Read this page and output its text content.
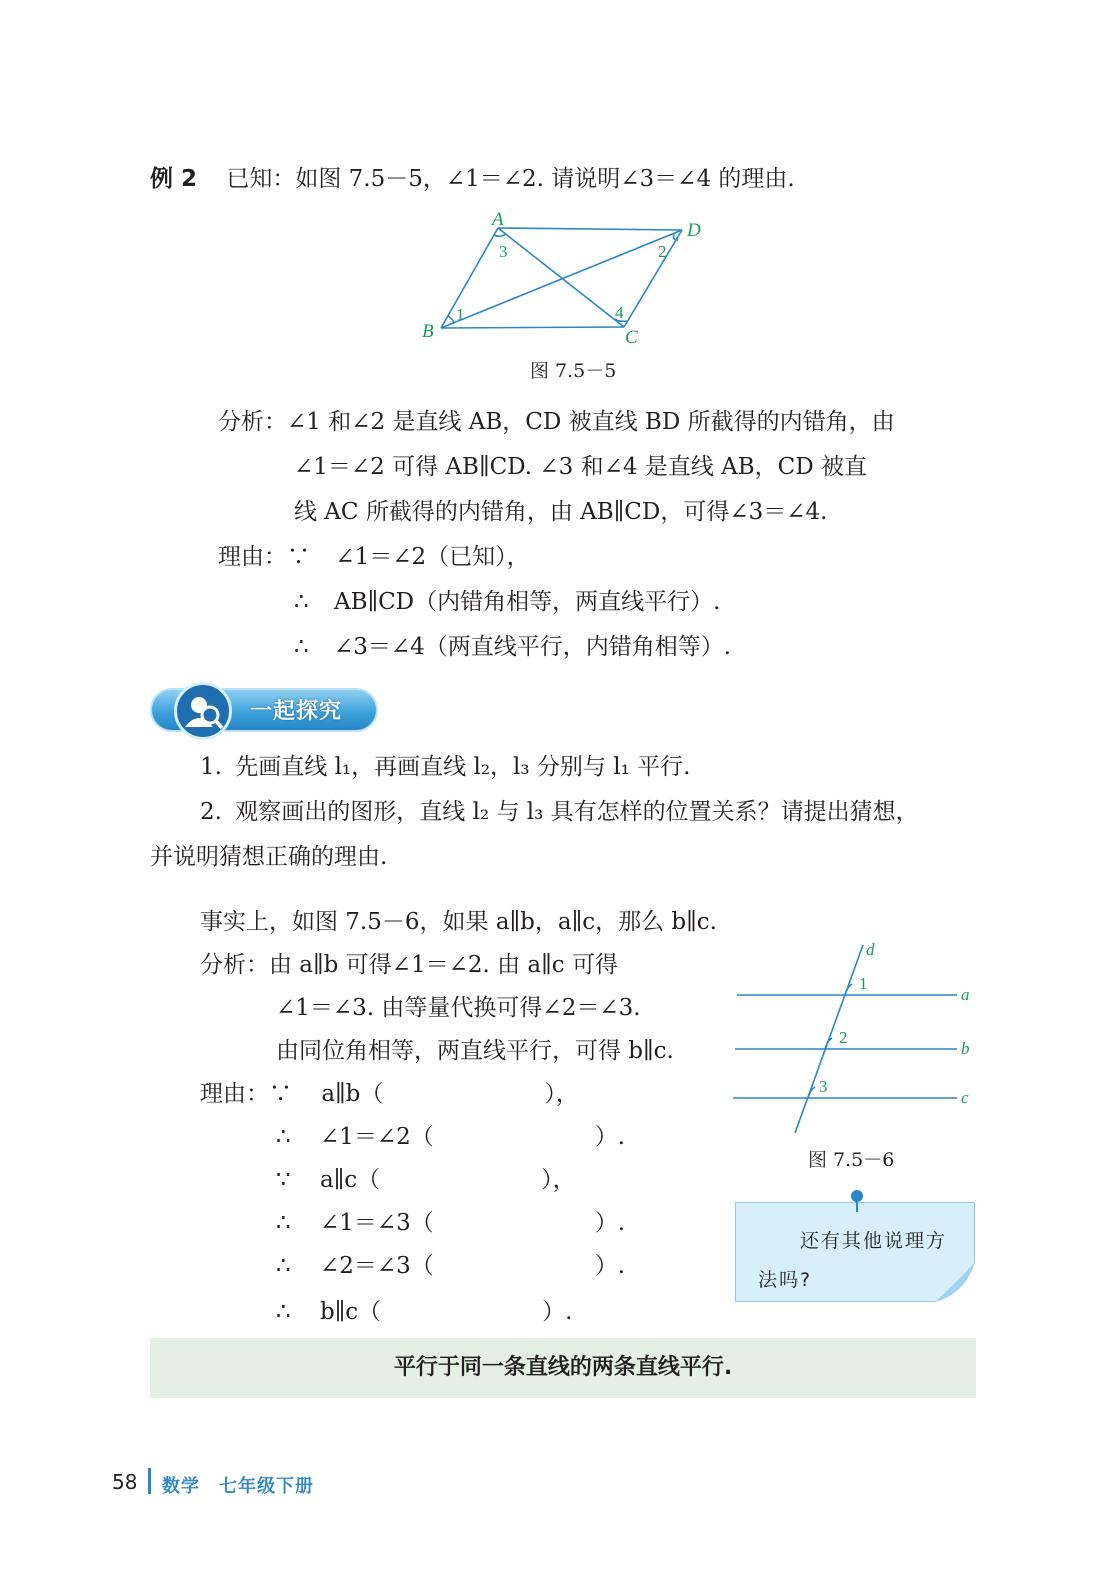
例 2 已知：如图 7.5－5，∠1＝∠2. 请说明∠3＝∠4 的理由.
A
D
B	C
3	2
1	4
图 7.5－5
分析：∠1 和∠2 是直线 AB，CD 被直线 BD 所截得的内错角，由
∠1＝∠2 可得 AB∥CD. ∠3 和∠4 是直线 AB，CD 被直
线 AC 所截得的内错角，由 AB∥CD，可得∠3＝∠4.
理由：∵ ∠1＝∠2（已知），
∴ AB∥CD（内错角相等，两直线平行）.
∴ ∠3＝∠4（两直线平行，内错角相等）.
一起探究
1. 先画直线 l₁，再画直线 l₂，l₃ 分别与 l₁ 平行.
2. 观察画出的图形，直线 l₂ 与 l₃ 具有怎样的位置关系？请提出猜想，
并说明猜想正确的理由.
事实上，如图 7.5－6，如果 a∥b，a∥c，那么 b∥c.
分析：由 a∥b 可得∠1＝∠2. 由 a∥c 可得
∠1＝∠3. 由等量代换可得∠2＝∠3.
由同位角相等，两直线平行，可得 b∥c.
理由：∵ a∥b（　　　　　　　），
∴ ∠1＝∠2（　　　　　　　）.
∵ a∥c（　　　　　　　），
∴ ∠1＝∠3（　　　　　　　）.
∴ ∠2＝∠3（　　　　　　　）.
∴ b∥c（　　　　　　　）.
d
a
b
c
1
2
3
图 7.5－6
还有其他说理方
法吗?
平行于同一条直线的两条直线平行.
58 数学　七年级下册
